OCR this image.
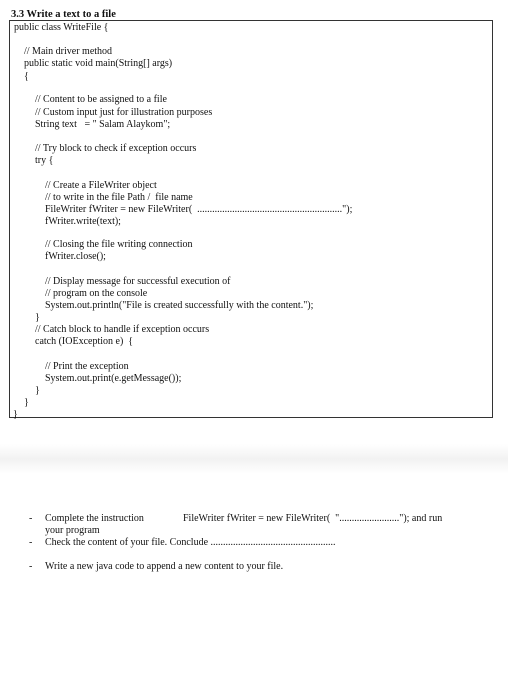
3.3 Write a text to a file
public class WriteFile {
// Main driver method
public static void main(String[] args)
{
// Content to be assigned to a file
// Custom input just for illustration purposes
String text   = " Salam Alaykom";
// Try block to check if exception occurs
try {
// Create a FileWriter object
// to write in the file Path /  file name
FileWriter fWriter = new FileWriter(  ..........................................................");
fWriter.write(text);
// Closing the file writing connection
fWriter.close();
// Display message for successful execution of
// program on the console
System.out.println("File is created successfully with the content.");
}
// Catch block to handle if exception occurs
catch (IOException e)  {
// Print the exception
System.out.print(e.getMessage());
}
}
}
- Complete the instruction	FileWriter fWriter = new FileWriter(  "........................"); and run
your program
- Check the content of your file. Conclude ..................................................
- Write a new java code to append a new content to your file.
